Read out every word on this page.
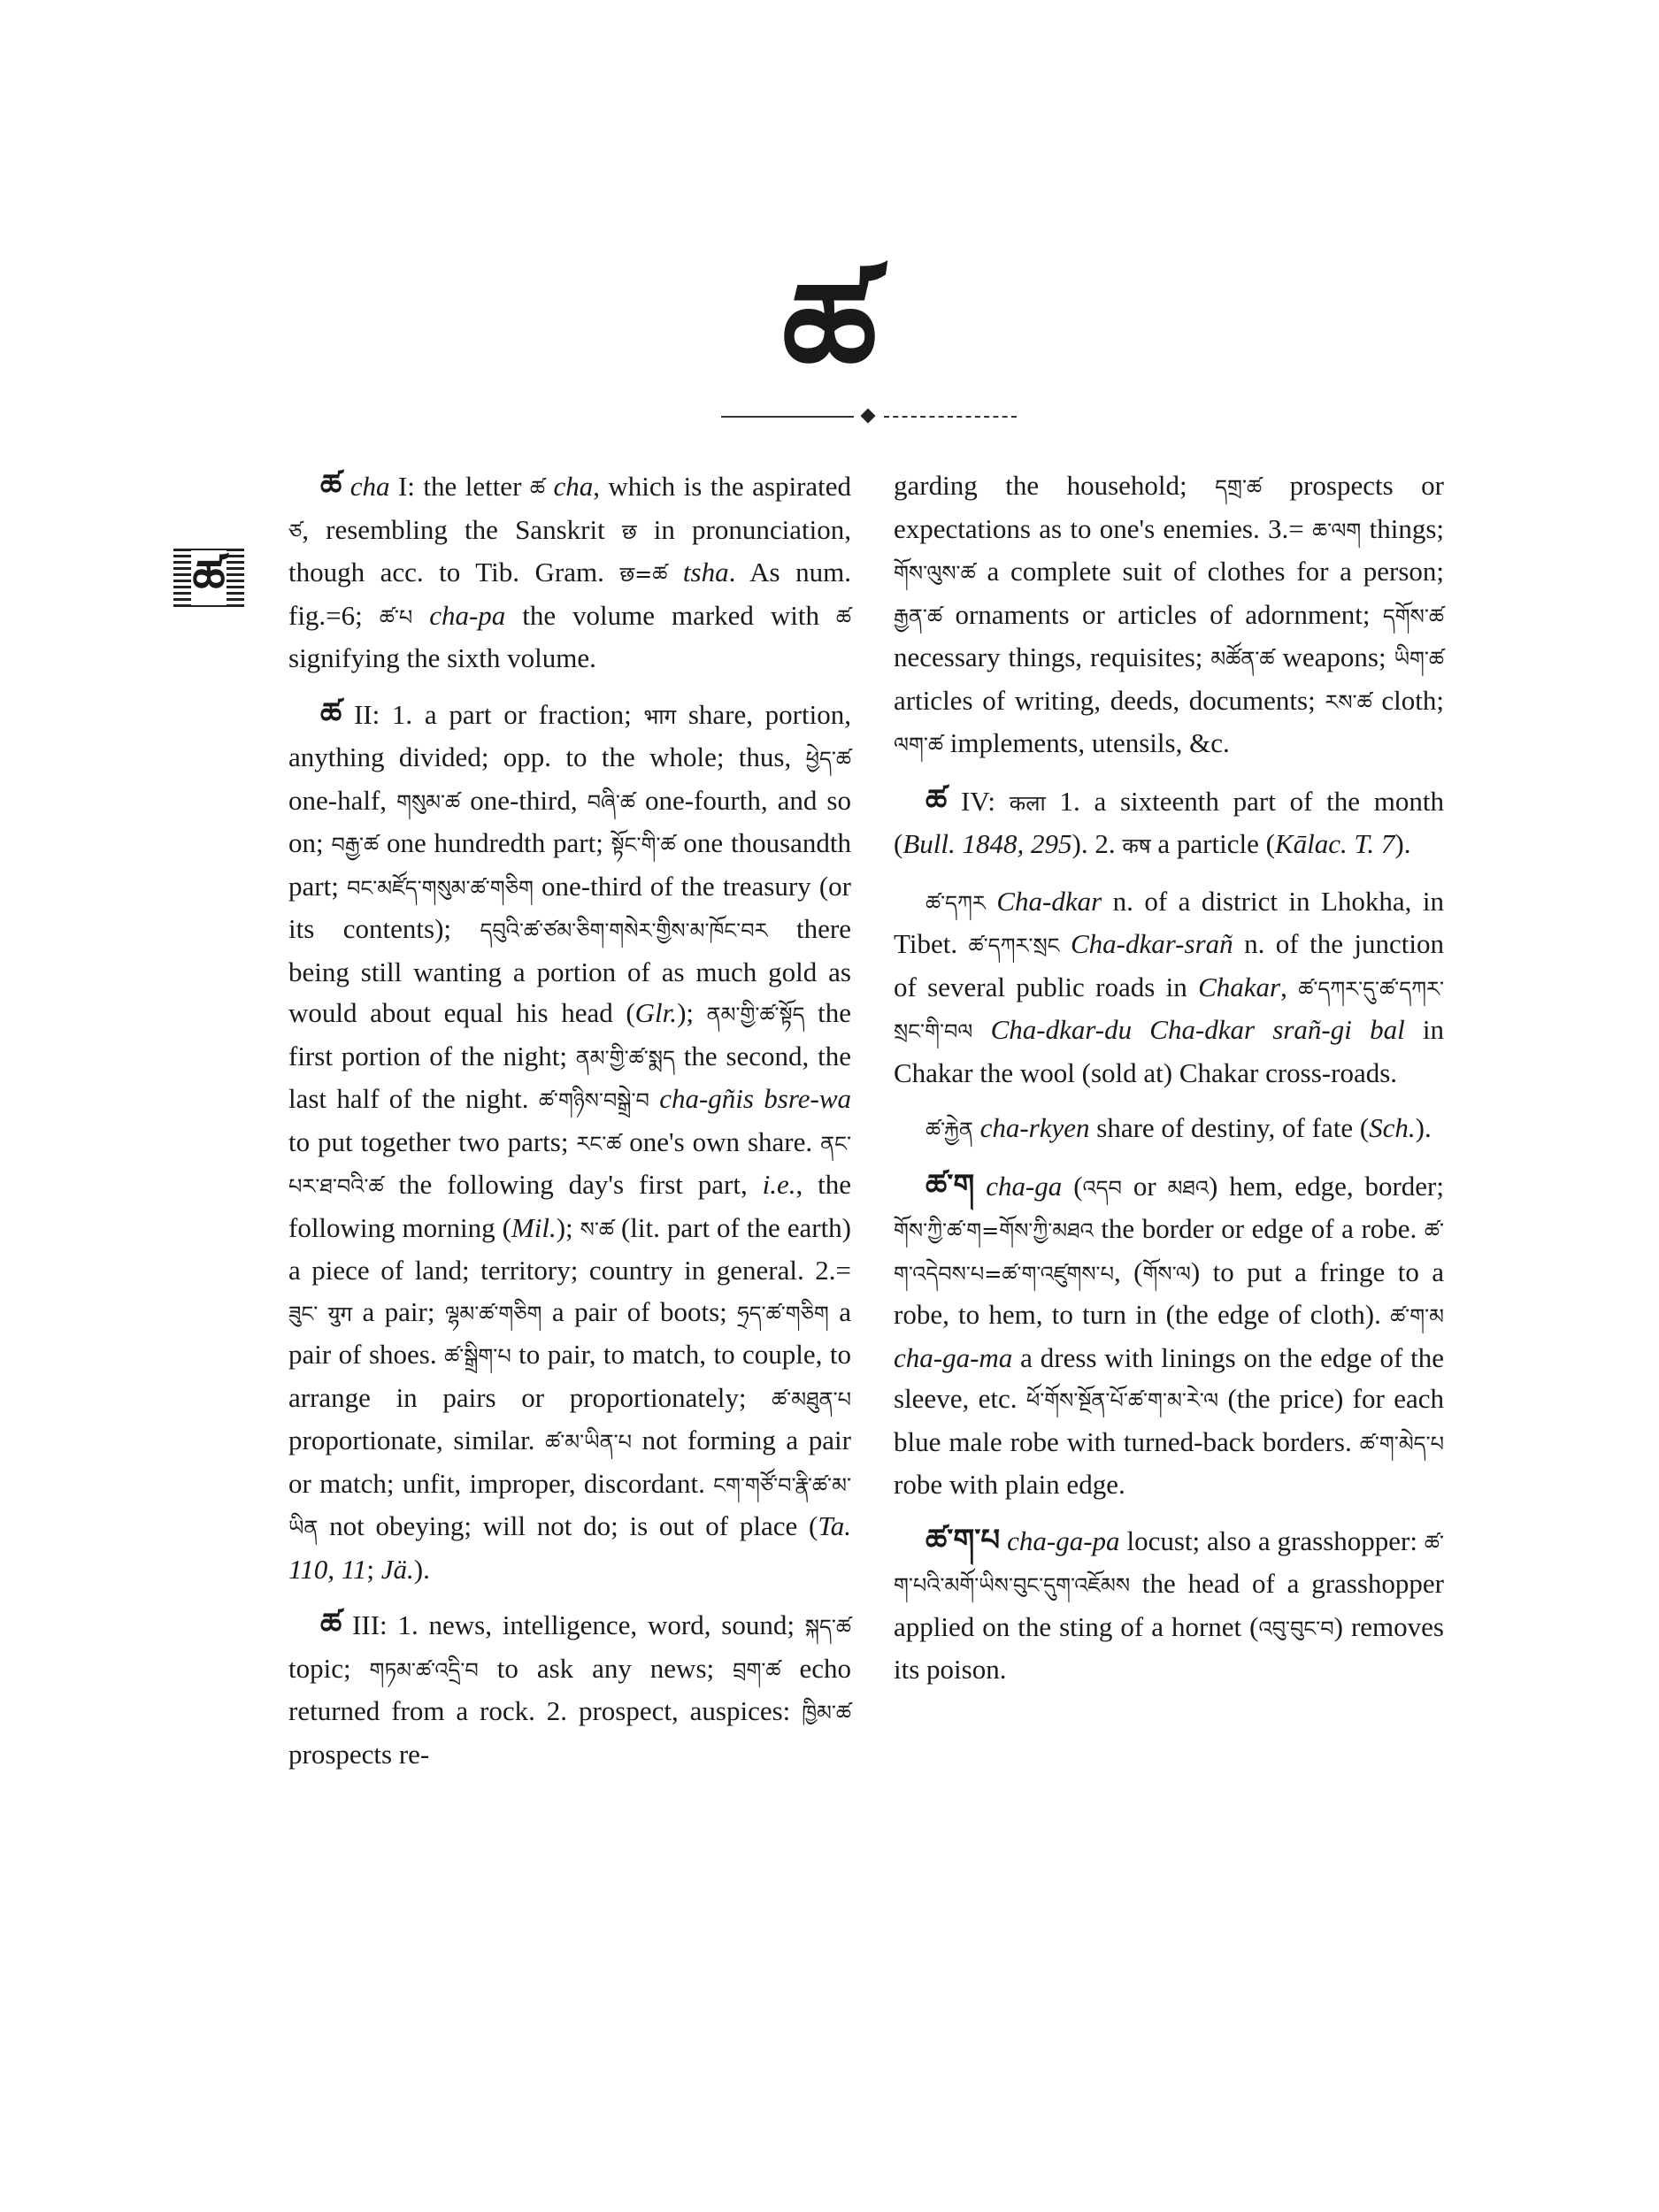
ཚ
ཚ

ཚ cha I: the letter ཚ cha, which is the aspirated ཙ, resembling the Sanskrit छ in pronunciation, though acc. to Tib. Gram. छ=ཚ tsha. As num. fig.=6; ཚ་པ cha-pa the volume marked with ཚ signifying the sixth volume.

ཚ II: 1. a part or fraction; भाग share, portion, anything divided; opp. to the whole; thus, ཕྱེད་ཚ one-half, གསུམ་ཚ one-third, བཞི་ཚ one-fourth, and so on; བརྒྱ་ཚ one hundredth part; སྟོང་གི་ཚ one thousandth part; བང་མཛོད་གསུམ་ཚ་གཅིག one-third of the treasury (or its contents); དབུའི་ཚ་ཙམ་ཅིག་གསེར་གྱིས་མ་ཁོང་བར there being still wanting a portion of as much gold as would about equal his head (Glr.); ནམ་གྱི་ཚ་སྟོད the first portion of the night; ནམ་གྱི་ཚ་སྨད the second, the last half of the night. ཚ་གཉིས་བསྒྲེ་བ cha-gñis bsre-wa to put together two parts; རང་ཚ one's own share. ནང་པར་ཐ་བའི་ཚ the following day's first part, i.e., the following morning (Mil.); ས་ཚ (lit. part of the earth) a piece of land; territory; country in general. 2.= ཟུང་ युग a pair; ལྷམ་ཚ་གཅིག a pair of boots; ཧྲད་ཚ་གཅིག a pair of shoes. ཚ་སྒྲིག་པ to pair, to match, to couple, to arrange in pairs or proportionately; ཚ་མཐུན་པ proportionate, similar. ཚ་མ་ཡིན་པ not forming a pair or match; unfit, improper, discordant. ངག་གཙོ་བ་རྣི་ཚ་མ་ཡིན not obeying; will not do; is out of place (Ta. 110, 11; Jä.).

ཚ III: 1. news, intelligence, word, sound; སྐད་ཚ topic; གཏམ་ཚ་འདྲི་བ to ask any news; བྲག་ཚ echo returned from a rock. 2. prospect, auspices: ཁྱིམ་ཚ prospects re-

garding the household; དགྲ་ཚ prospects or expectations as to one's enemies. 3.= ཆ་ལག things; གོས་ལུས་ཚ a complete suit of clothes for a person; རྒྱན་ཚ ornaments or articles of adornment; དགོས་ཚ necessary things, requisites; མཚོན་ཚ weapons; ཡིག་ཚ articles of writing, deeds, documents; རས་ཚ cloth; ལག་ཚ implements, utensils, &c.

ཚ IV: कला 1. a sixteenth part of the month (Bull. 1848, 295). 2. कष a particle (Kālac. T. 7).

ཚ་དཀར Cha-dkar n. of a district in Lhokha, in Tibet. ཚ་དཀར་སྲང Cha-dkar-srañ n. of the junction of several public roads in Chakar, ཚ་དཀར་དུ་ཚ་དཀར་སྲང་གི་བལ Cha-dkar-du Cha-dkar srañ-gi bal in Chakar the wool (sold at) Chakar cross-roads.

ཚ་རྐྱེན cha-rkyen share of destiny, of fate (Sch.).

ཚ་ག cha-ga (འདབ or མཐའ) hem, edge, border; གོས་ཀྱི་ཚ་ག=གོས་ཀྱི་མཐའ the border or edge of a robe. ཚ་ག་འདེབས་པ=ཚ་ག་འཛུགས་པ, (གོས་ལ) to put a fringe to a robe, to hem, to turn in (the edge of cloth). ཚ་ག་མ cha-ga-ma a dress with linings on the edge of the sleeve, etc. ཕོ་གོས་སྔོན་པོ་ཚ་ག་མ་རེ་ལ (the price) for each blue male robe with turned-back borders. ཚ་ག་མེད་པ robe with plain edge.

ཚ་ག་པ cha-ga-pa locust; also a grasshopper: ཚ་ག་པའི་མགོ་ཡིས་བུང་དུག་འཇོམས the head of a grasshopper applied on the sting of a hornet (འབུ་བུང་བ) removes its poison.
